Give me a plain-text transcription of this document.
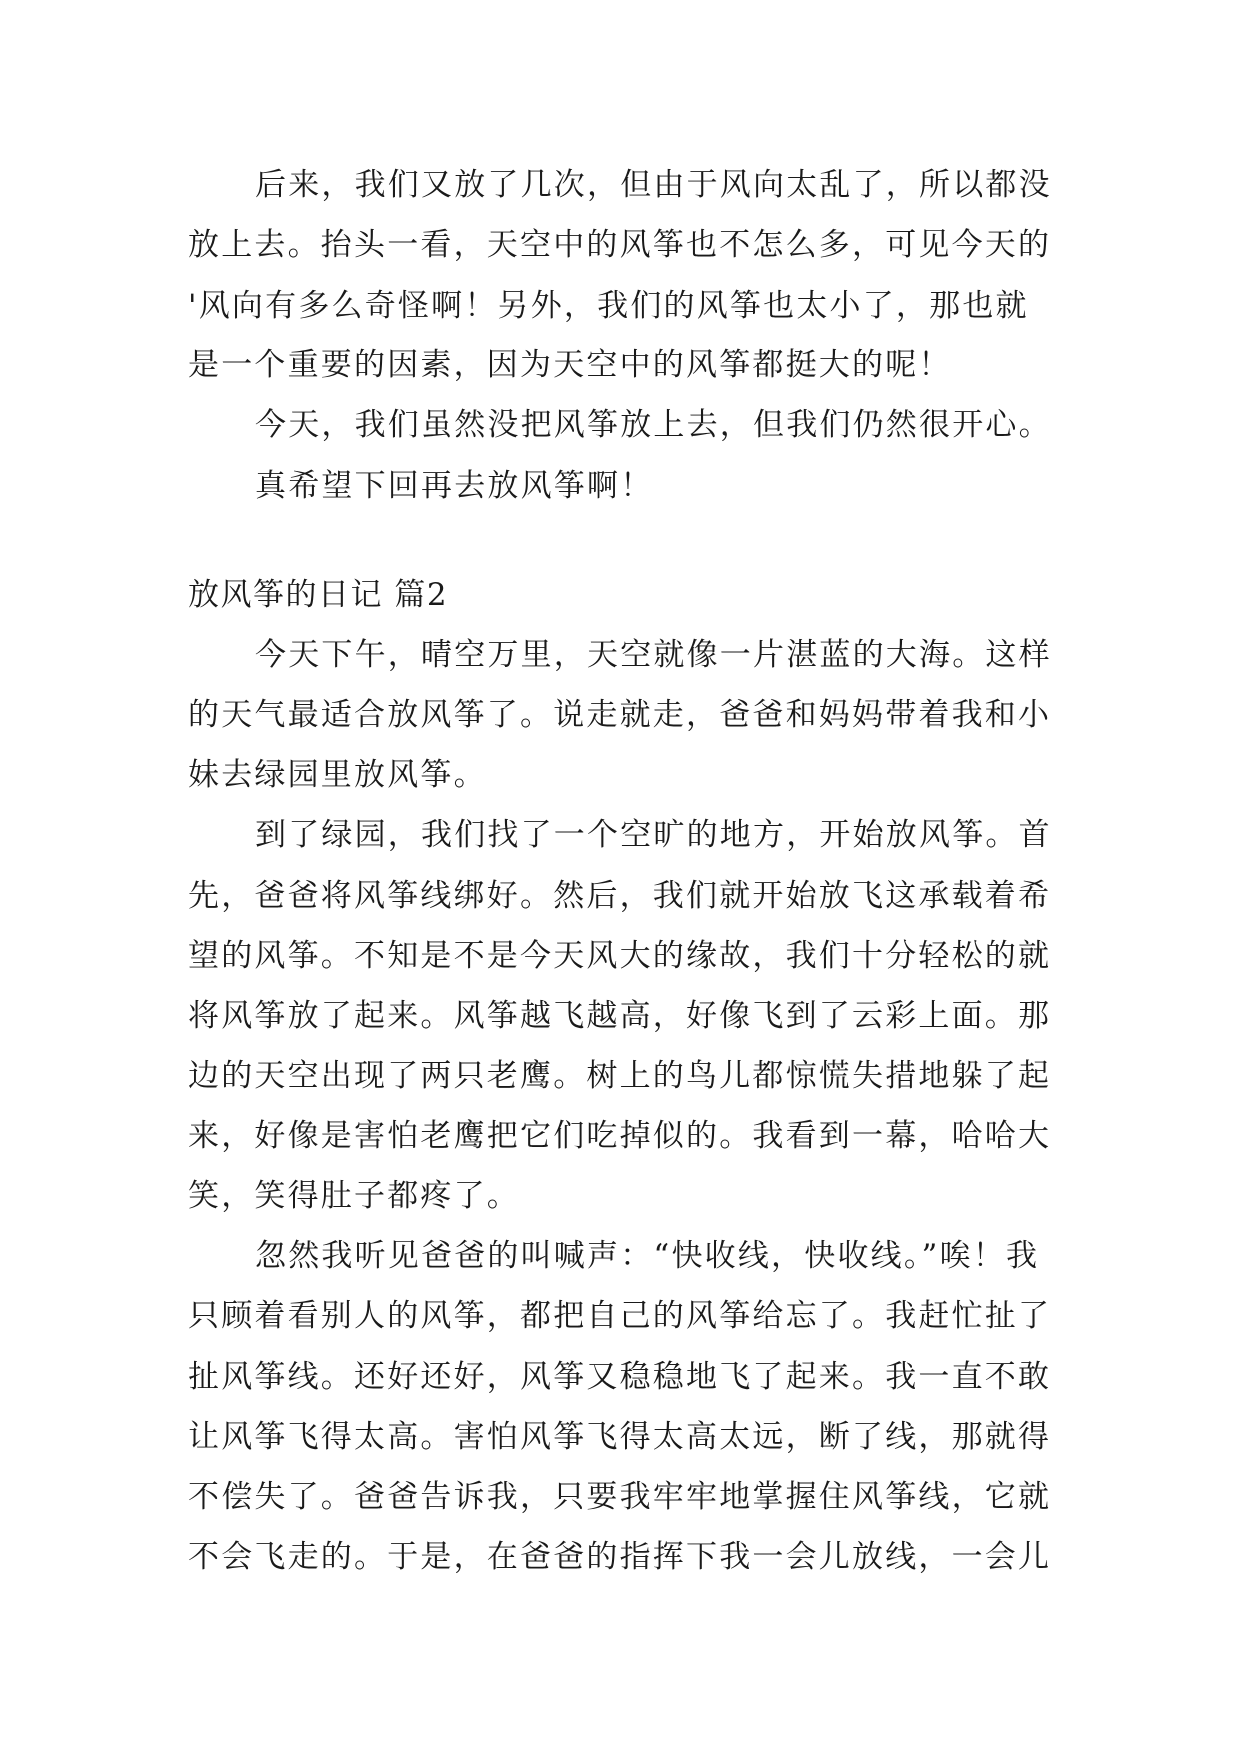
后来，我们又放了几次，但由于风向太乱了，所以都没
放上去。抬头一看，天空中的风筝也不怎么多，可见今天的
'风向有多么奇怪啊！另外，我们的风筝也太小了，那也就
是一个重要的因素，因为天空中的风筝都挺大的呢！
今天，我们虽然没把风筝放上去，但我们仍然很开心。
真希望下回再去放风筝啊！
放风筝的日记 篇2
今天下午，晴空万里，天空就像一片湛蓝的大海。这样
的天气最适合放风筝了。说走就走，爸爸和妈妈带着我和小
妹去绿园里放风筝。
到了绿园，我们找了一个空旷的地方，开始放风筝。首
先，爸爸将风筝线绑好。然后，我们就开始放飞这承载着希
望的风筝。不知是不是今天风大的缘故，我们十分轻松的就
将风筝放了起来。风筝越飞越高，好像飞到了云彩上面。那
边的天空出现了两只老鹰。树上的鸟儿都惊慌失措地躲了起
来，好像是害怕老鹰把它们吃掉似的。我看到一幕，哈哈大
笑，笑得肚子都疼了。
忽然我听见爸爸的叫喊声：“快收线，快收线。”唉！我
只顾着看别人的风筝，都把自己的风筝给忘了。我赶忙扯了
扯风筝线。还好还好，风筝又稳稳地飞了起来。我一直不敢
让风筝飞得太高。害怕风筝飞得太高太远，断了线，那就得
不偿失了。爸爸告诉我，只要我牢牢地掌握住风筝线，它就
不会飞走的。于是，在爸爸的指挥下我一会儿放线，一会儿
